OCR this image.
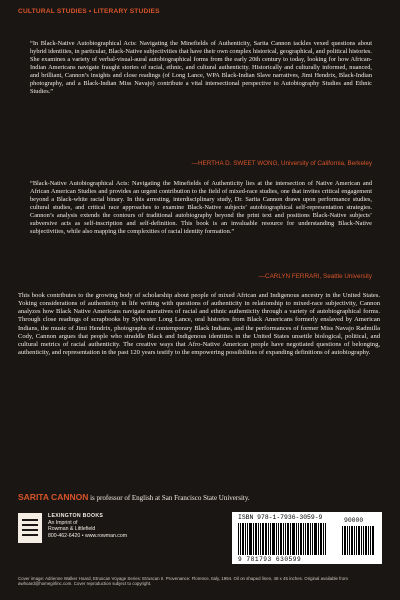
CULTURAL STUDIES • LITERARY STUDIES

“In Black-Native Autobiographical Acts: Navigating the Minefields of Authenticity, Sarita Cannon tackles vexed questions about hybrid identities, in particular, Black-Native subjectivities that have their own complex historical, geographical, and political histories. She examines a variety of verbal-visual-aural autobiographical forms from the early 20th century to today, looking for how African-Indian Americans navigate fraught stories of racial, ethnic, and cultural authenticity. Historically and culturally informed, nuanced, and brilliant, Cannon’s insights and close readings (of Long Lance, WPA Black-Indian Slave narratives, Jimi Hendrix, Black-Indian photography, and a Black-Indian Miss Navajo) contribute a vital intersectional perspective to Autobiography Studies and Ethnic Studies.”

—HERTHA D. SWEET WONG, University of California, Berkeley

“Black-Native Autobiographical Acts: Navigating the Minefields of Authenticity lies at the intersection of Native American and African American Studies and provides an urgent contribution to the field of mixed-race studies, one that invites critical engagement beyond a Black-white racial binary. In this arresting, interdisciplinary study, Dr. Sarita Cannon draws upon performance studies, cultural studies, and critical race approaches to examine Black-Native subjects’ autobiographical self-representation strategies. Cannon’s analysis extends the contours of traditional autobiography beyond the print text and positions Black-Native subjects’ subversive acts as self-inscription and self-definition. This book is an invaluable resource for understanding Black-Native subjectivities, while also mapping the complexities of racial identity formation.”

—CARLYN FERRARI, Seattle University

This book contributes to the growing body of scholarship about people of mixed African and Indigenous ancestry in the United States. Yoking considerations of authenticity in life writing with questions of authenticity in relationship to mixed-race subjectivity, Cannon analyzes how Black Native Americans navigate narratives of racial and ethnic authenticity through a variety of autobiographical forms. Through close readings of scrapbooks by Sylvester Long Lance, oral histories from Black Americans formerly enslaved by American Indians, the music of Jimi Hendrix, photographs of contemporary Black Indians, and the performances of former Miss Navajo Radmilla Cody, Cannon argues that people who straddle Black and Indigenous identities in the United States unsettle biological, political, and cultural metrics of racial authenticity. The creative ways that Afro-Native American people have negotiated questions of belonging, authenticity, and representation in the past 120 years testify to the empowering possibilities of expanding definitions of autobiography.

SARITA CANNON is professor of English at San Francisco State University.

LEXINGTON BOOKS
An Imprint of
Rowman & Littlefield
800-462-6420 • www.rowman.com
ISBN 978-1-7936-3059-9	90000
9 781793 630599

Cover image: Adrienne Walker Hoard, Etruscan Voyage Series: Etruscan II. Provenance: Florence, Italy, 1994. Oil on shaped linen, 48 x 45 inches. Original available from awhoard@homegirlinc.com. Cover reproduction subject to copyright.
